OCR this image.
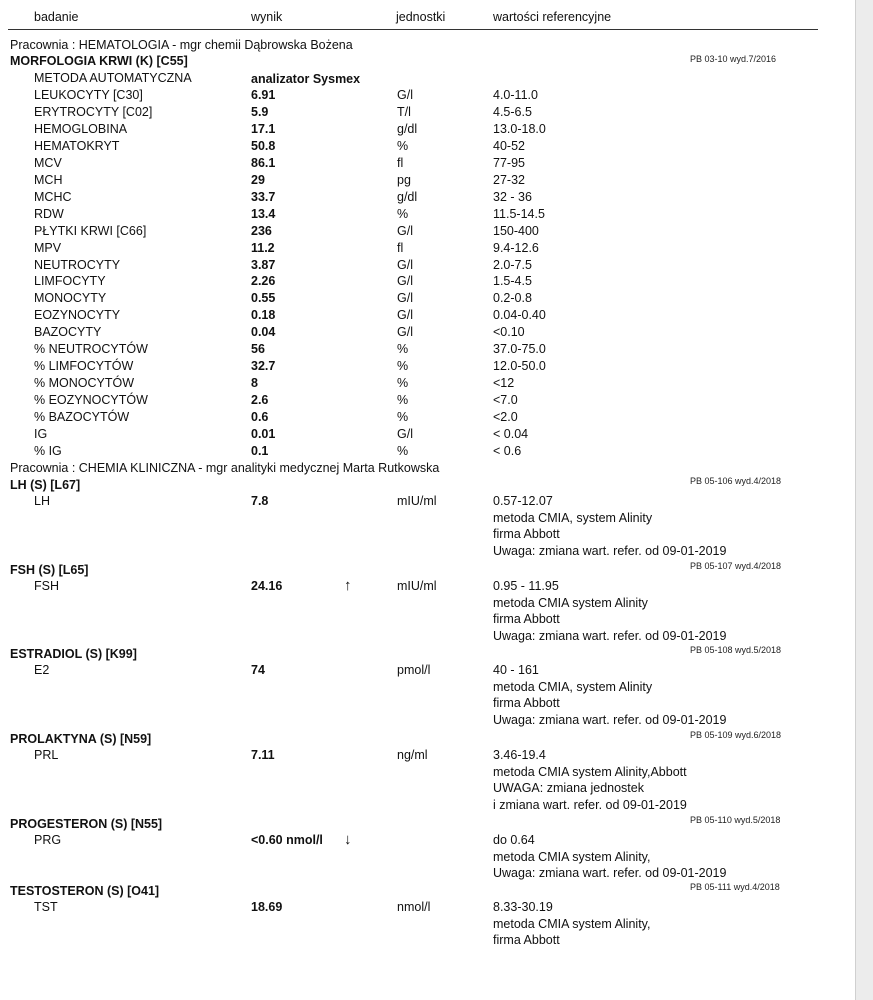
badanie	wynik	jednostki	wartości referencyjne
Pracownia : HEMATOLOGIA - mgr chemii Dąbrowska Bożena
MORFOLOGIA KRWI (K) [C55]	PB 03-10 wyd.7/2016
METODA AUTOMATYCZNA	analizator Sysmex
LEUKOCYTY [C30]	6.91	G/l	4.0-11.0
ERYTROCYTY [C02]	5.9	T/l	4.5-6.5
HEMOGLOBINA	17.1	g/dl	13.0-18.0
HEMATOKRYT	50.8	%	40-52
MCV	86.1	fl	77-95
MCH	29	pg	27-32
MCHC	33.7	g/dl	32 - 36
RDW	13.4	%	11.5-14.5
PŁYTKI KRWI [C66]	236	G/l	150-400
MPV	11.2	fl	9.4-12.6
NEUTROCYTY	3.87	G/l	2.0-7.5
LIMFOCYTY	2.26	G/l	1.5-4.5
MONOCYTY	0.55	G/l	0.2-0.8
EOZYNOCYTY	0.18	G/l	0.04-0.40
BAZOCYTY	0.04	G/l	<0.10
% NEUTROCYTÓW	56	%	37.0-75.0
% LIMFOCYTÓW	32.7	%	12.0-50.0
% MONOCYTÓW	8	%	<12
% EOZYNOCYTÓW	2.6	%	<7.0
% BAZOCYTÓW	0.6	%	<2.0
IG	0.01	G/l	< 0.04
% IG	0.1	%	< 0.6
Pracownia : CHEMIA KLINICZNA - mgr analityki medycznej Marta Rutkowska
LH (S) [L67]	PB 05-106 wyd.4/2018
LH	7.8	mIU/ml	0.57-12.07
metoda CMIA, system Alinity
firma Abbott
Uwaga: zmiana wart. refer. od 09-01-2019
FSH (S) [L65]	PB 05-107 wyd.4/2018
FSH	24.16	↑	mIU/ml	0.95 - 11.95
metoda CMIA system Alinity
firma Abbott
Uwaga: zmiana wart. refer. od 09-01-2019
ESTRADIOL (S) [K99]	PB 05-108 wyd.5/2018
E2	74	pmol/l	40 - 161
metoda CMIA, system Alinity
firma Abbott
Uwaga: zmiana wart. refer. od 09-01-2019
PROLAKTYNA (S) [N59]	PB 05-109 wyd.6/2018
PRL	7.11	ng/ml	3.46-19.4
metoda CMIA system Alinity,Abbott
UWAGA: zmiana jednostek
i zmiana wart. refer. od 09-01-2019
PROGESTERON (S) [N55]	PB 05-110 wyd.5/2018
PRG	<0.60 nmol/l ↓	do 0.64
metoda CMIA system Alinity,
Uwaga: zmiana wart. refer. od 09-01-2019
TESTOSTERON (S) [O41]	PB 05-111 wyd.4/2018
TST	18.69	nmol/l	8.33-30.19
metoda CMIA system Alinity,
firma Abbott
